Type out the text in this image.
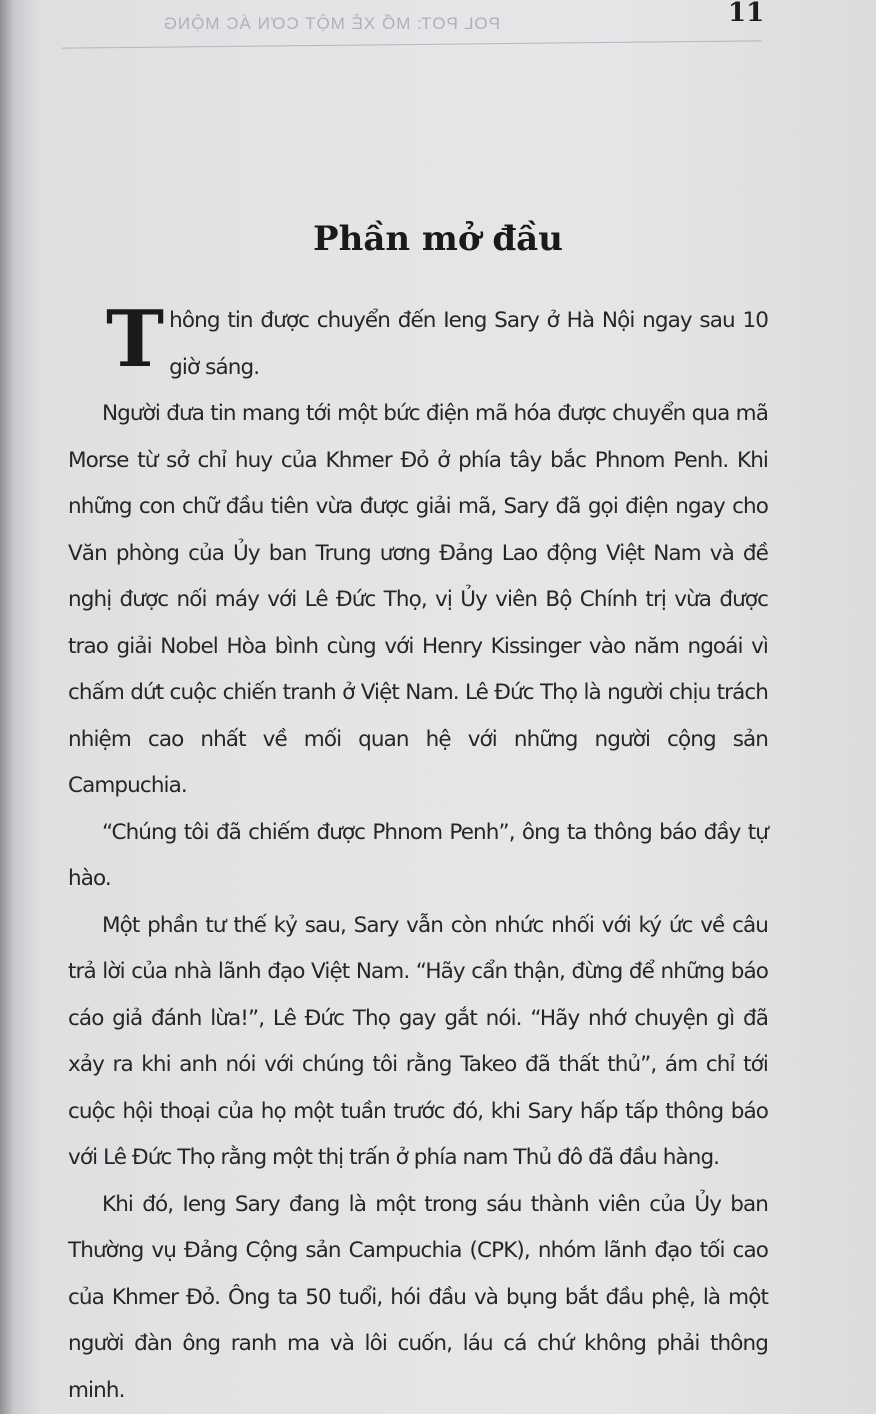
11
POL POT: MỔ XẺ MỘT CƠN ÁC MỘNG
Phần mở đầu

Thông tin được chuyển đến Ieng Sary ở Hà Nội ngay sau 10 giờ sáng.

Người đưa tin mang tới một bức điện mã hóa được chuyển qua mã Morse từ sở chỉ huy của Khmer Đỏ ở phía tây bắc Phnom Penh. Khi những con chữ đầu tiên vừa được giải mã, Sary đã gọi điện ngay cho Văn phòng của Ủy ban Trung ương Đảng Lao động Việt Nam và đề nghị được nối máy với Lê Đức Thọ, vị Ủy viên Bộ Chính trị vừa được trao giải Nobel Hòa bình cùng với Henry Kissinger vào năm ngoái vì chấm dứt cuộc chiến tranh ở Việt Nam. Lê Đức Thọ là người chịu trách nhiệm cao nhất về mối quan hệ với những người cộng sản Campuchia.

“Chúng tôi đã chiếm được Phnom Penh”, ông ta thông báo đầy tự hào.

Một phần tư thế kỷ sau, Sary vẫn còn nhức nhối với ký ức về câu trả lời của nhà lãnh đạo Việt Nam. “Hãy cẩn thận, đừng để những báo cáo giả đánh lừa!”, Lê Đức Thọ gay gắt nói. “Hãy nhớ chuyện gì đã xảy ra khi anh nói với chúng tôi rằng Takeo đã thất thủ”, ám chỉ tới cuộc hội thoại của họ một tuần trước đó, khi Sary hấp tấp thông báo với Lê Đức Thọ rằng một thị trấn ở phía nam Thủ đô đã đầu hàng.

Khi đó, Ieng Sary đang là một trong sáu thành viên của Ủy ban Thường vụ Đảng Cộng sản Campuchia (CPK), nhóm lãnh đạo tối cao của Khmer Đỏ. Ông ta 50 tuổi, hói đầu và bụng bắt đầu phệ, là một người đàn ông ranh ma và lôi cuốn, láu cá chứ không phải thông minh.
